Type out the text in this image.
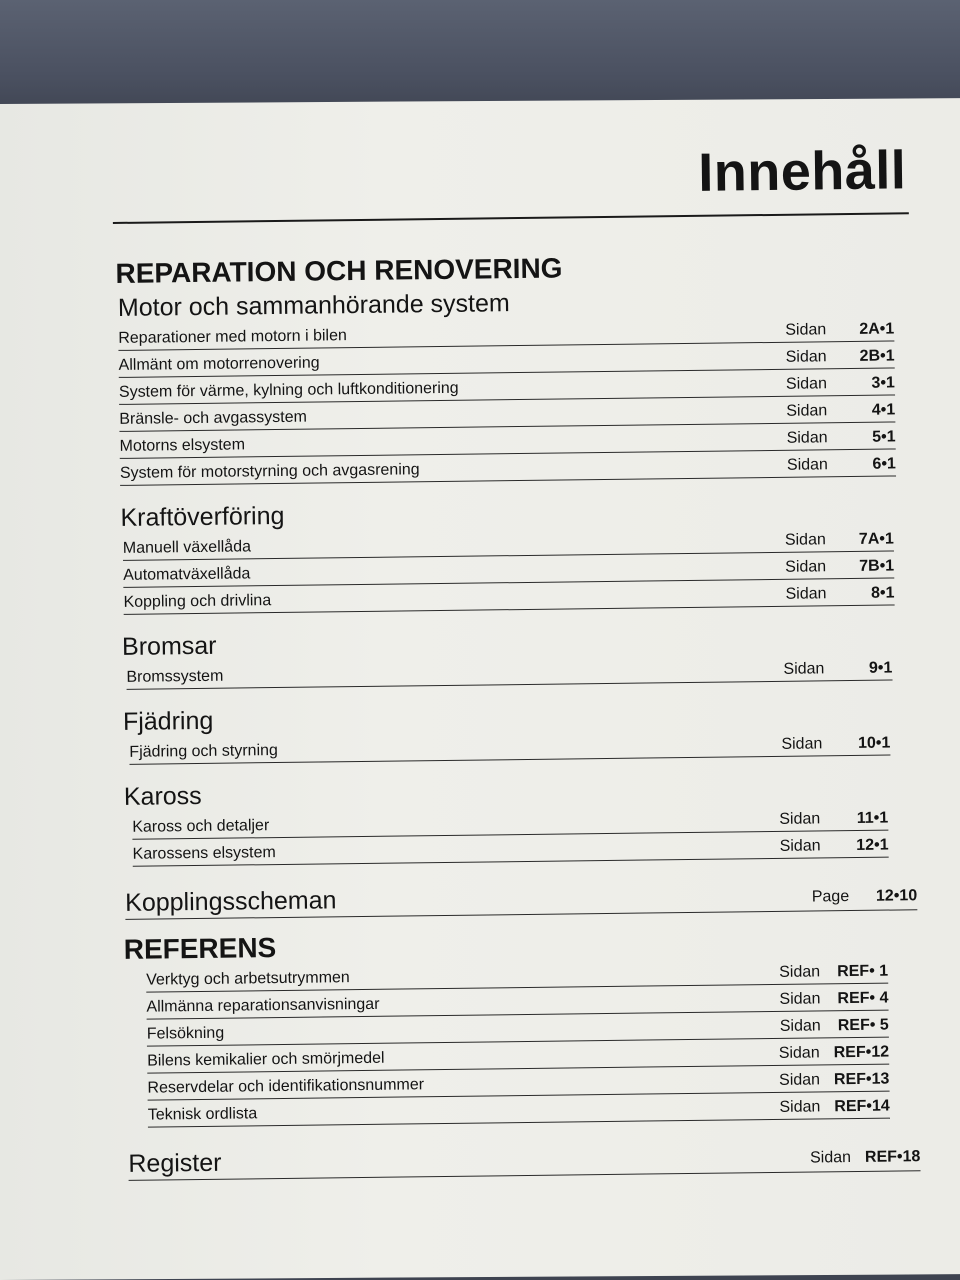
Innehåll
REPARATION OCH RENOVERING
Motor och sammanhörande system
Reparationer med motorn i bilen	Sidan	2A•1
Allmänt om motorrenovering	Sidan	2B•1
System för värme, kylning och luftkonditionering	Sidan	3•1
Bränsle- och avgassystem	Sidan	4•1
Motorns elsystem	Sidan	5•1
System för motorstyrning och avgasrening	Sidan	6•1
Kraftöverföring
Manuell växellåda	Sidan	7A•1
Automatväxellåda	Sidan	7B•1
Koppling och drivlina	Sidan	8•1
Bromsar
Bromssystem	Sidan	9•1
Fjädring
Fjädring och styrning	Sidan	10•1
Kaross
Kaross och detaljer	Sidan	11•1
Karossens elsystem	Sidan	12•1
Kopplingsscheman	Page	12•10
REFERENS
Verktyg och arbetsutrymmen	Sidan REF• 1
Allmänna reparationsanvisningar	Sidan REF• 4
Felsökning	Sidan REF• 5
Bilens kemikalier och smörjmedel	Sidan REF•12
Reservdelar och identifikationsnummer	Sidan REF•13
Teknisk ordlista	Sidan REF•14
Register	Sidan REF•18
